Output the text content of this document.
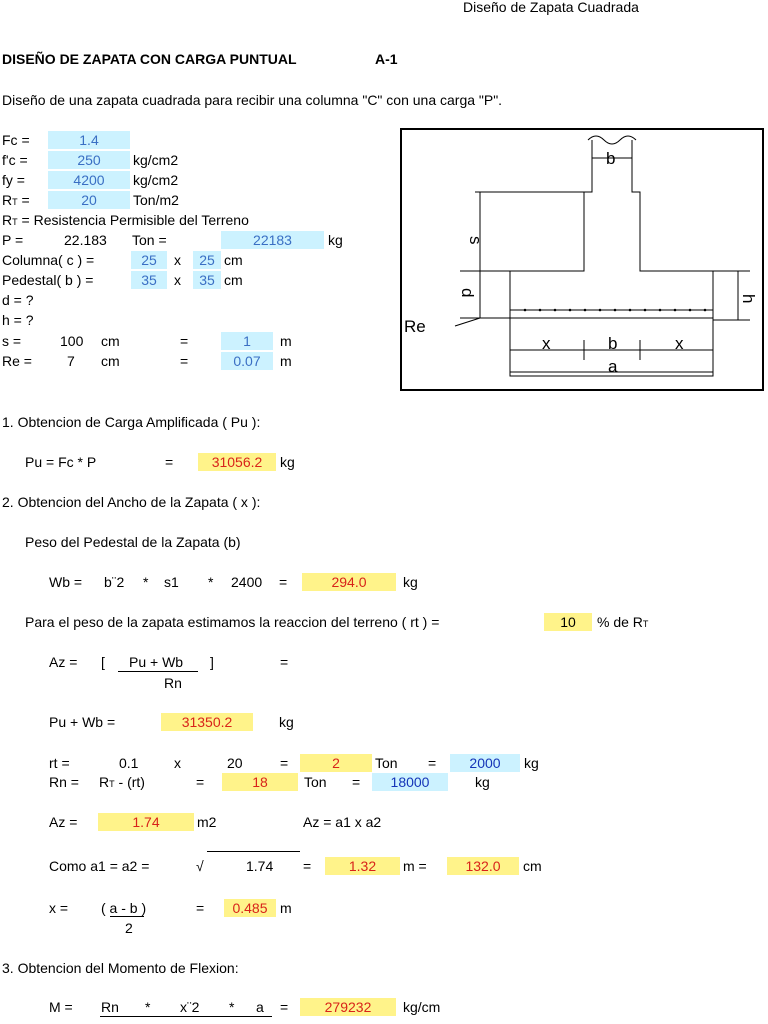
Diseño de Zapata Cuadrada
DISEÑO DE ZAPATA CON CARGA PUNTUAL	A-1
Diseño de una zapata cuadrada para recibir una columna "C" con una carga "P".
Fc =	1.4
f'c =	250	kg/cm2
fy =	4200	kg/cm2
RT =	20	Ton/m2
RT = Resistencia Permisible del Terreno
P =	22.183 Ton =	22183	kg
Columna( c ) =	25	x	25 cm
Pedestal( b ) =	35	x	35 cm
d = ?
h = ?
s =	100 cm	=	1	m
Re =	7 cm	=	0.07	m
b
s
d
h
Re
x	b	x
a
1. Obtencion de Carga Amplificada ( Pu ):
Pu = Fc * P	=	31056.2	kg
2. Obtencion del Ancho de la Zapata ( x ):
Peso del Pedestal de la Zapata (b)
Wb = b¨2 * s1 * 2400 =	294.0	kg
Para el peso de la zapata estimamos la reaccion del terreno ( rt ) =	10	% de RT
Az = [ Pu + Wb ]	=
Rn
Pu + Wb =	31350.2	kg
rt =	0.1	x	20	=	2	Ton =	2000	kg
Rn = RT - (rt)	=	18	Ton =	18000	kg
Az =	1.74	m2	Az = a1 x a2
Como a1 = a2 =	√	1.74 =	1.32	m =	132.0	cm
x = ( a - b )	=	0.485 m
2
3. Obtencion del Momento de Flexion:
M = Rn * x¨2 * a =	279232	kg/cm
